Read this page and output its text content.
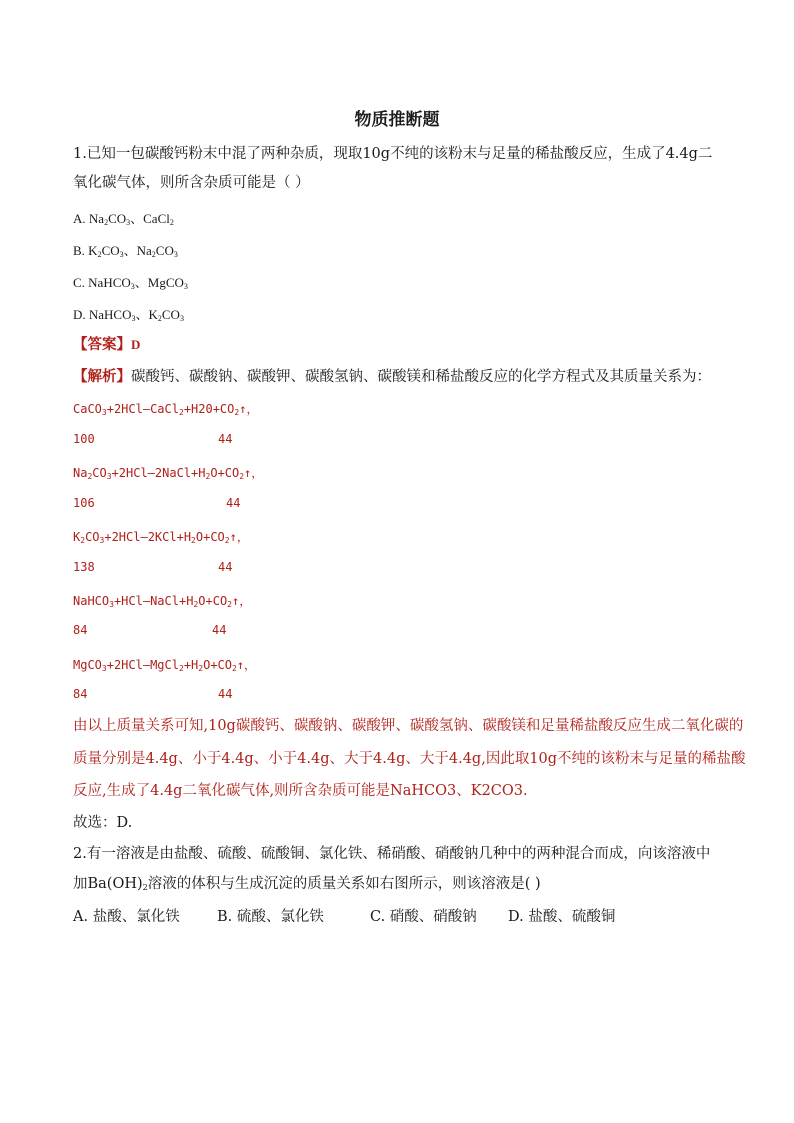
物质推断题
1.已知一包碳酸钙粉末中混了两种杂质，现取10g不纯的该粉末与足量的稀盐酸反应，生成了4.4g二
氧化碳气体，则所含杂质可能是（ ）
A. $Na_2CO_3$、CaCl$_2$
B. $K_2CO_3$、$Na_2CO_3$
C. NaHCO$_3$、MgCO$_3$
D. NaHCO$_3$、$K_2CO_3$
【答案】D
【解析】碳酸钙、碳酸钠、碳酸钾、碳酸氢钠、碳酸镁和稀盐酸反应的化学方程式及其质量关系为：
$CaCO_3+2HCl—CaCl_2+H20+CO_2↑$，
100	44
$Na_2CO_3+2HCl—2NaCl+H_2O+CO_2↑$，
106	44
$K_2CO_3+2HCl—2KCl+H_2O+CO_2↑$，
138	44
$NaHCO_3+HCl—NaCl+H_2O+CO_2↑$，
84	44
$MgCO_3+2HCl—MgCl_2+H_2O+CO_2↑$，
84	44
由以上质量关系可知,10g碳酸钙、碳酸钠、碳酸钾、碳酸氢钠、碳酸镁和足量稀盐酸反应生成二氧化碳的
质量分别是4.4g、小于4.4g、小于4.4g、大于4.4g、大于4.4g,因此取10g不纯的该粉末与足量的稀盐酸
反应,生成了4.4g二氧化碳气体,则所含杂质可能是NaHCO3、K2CO3.
故选：D.
2.有一溶液是由盐酸、硫酸、硫酸铜、氯化铁、稀硝酸、硝酸钠几种中的两种混合而成，向该溶液中
加$Ba(OH)_2$溶液的体积与生成沉淀的质量关系如右图所示，则该溶液是( )
A. 盐酸、氯化铁	B. 硫酸、氯化铁	C. 硝酸、硝酸钠 D. 盐酸、硫酸铜
